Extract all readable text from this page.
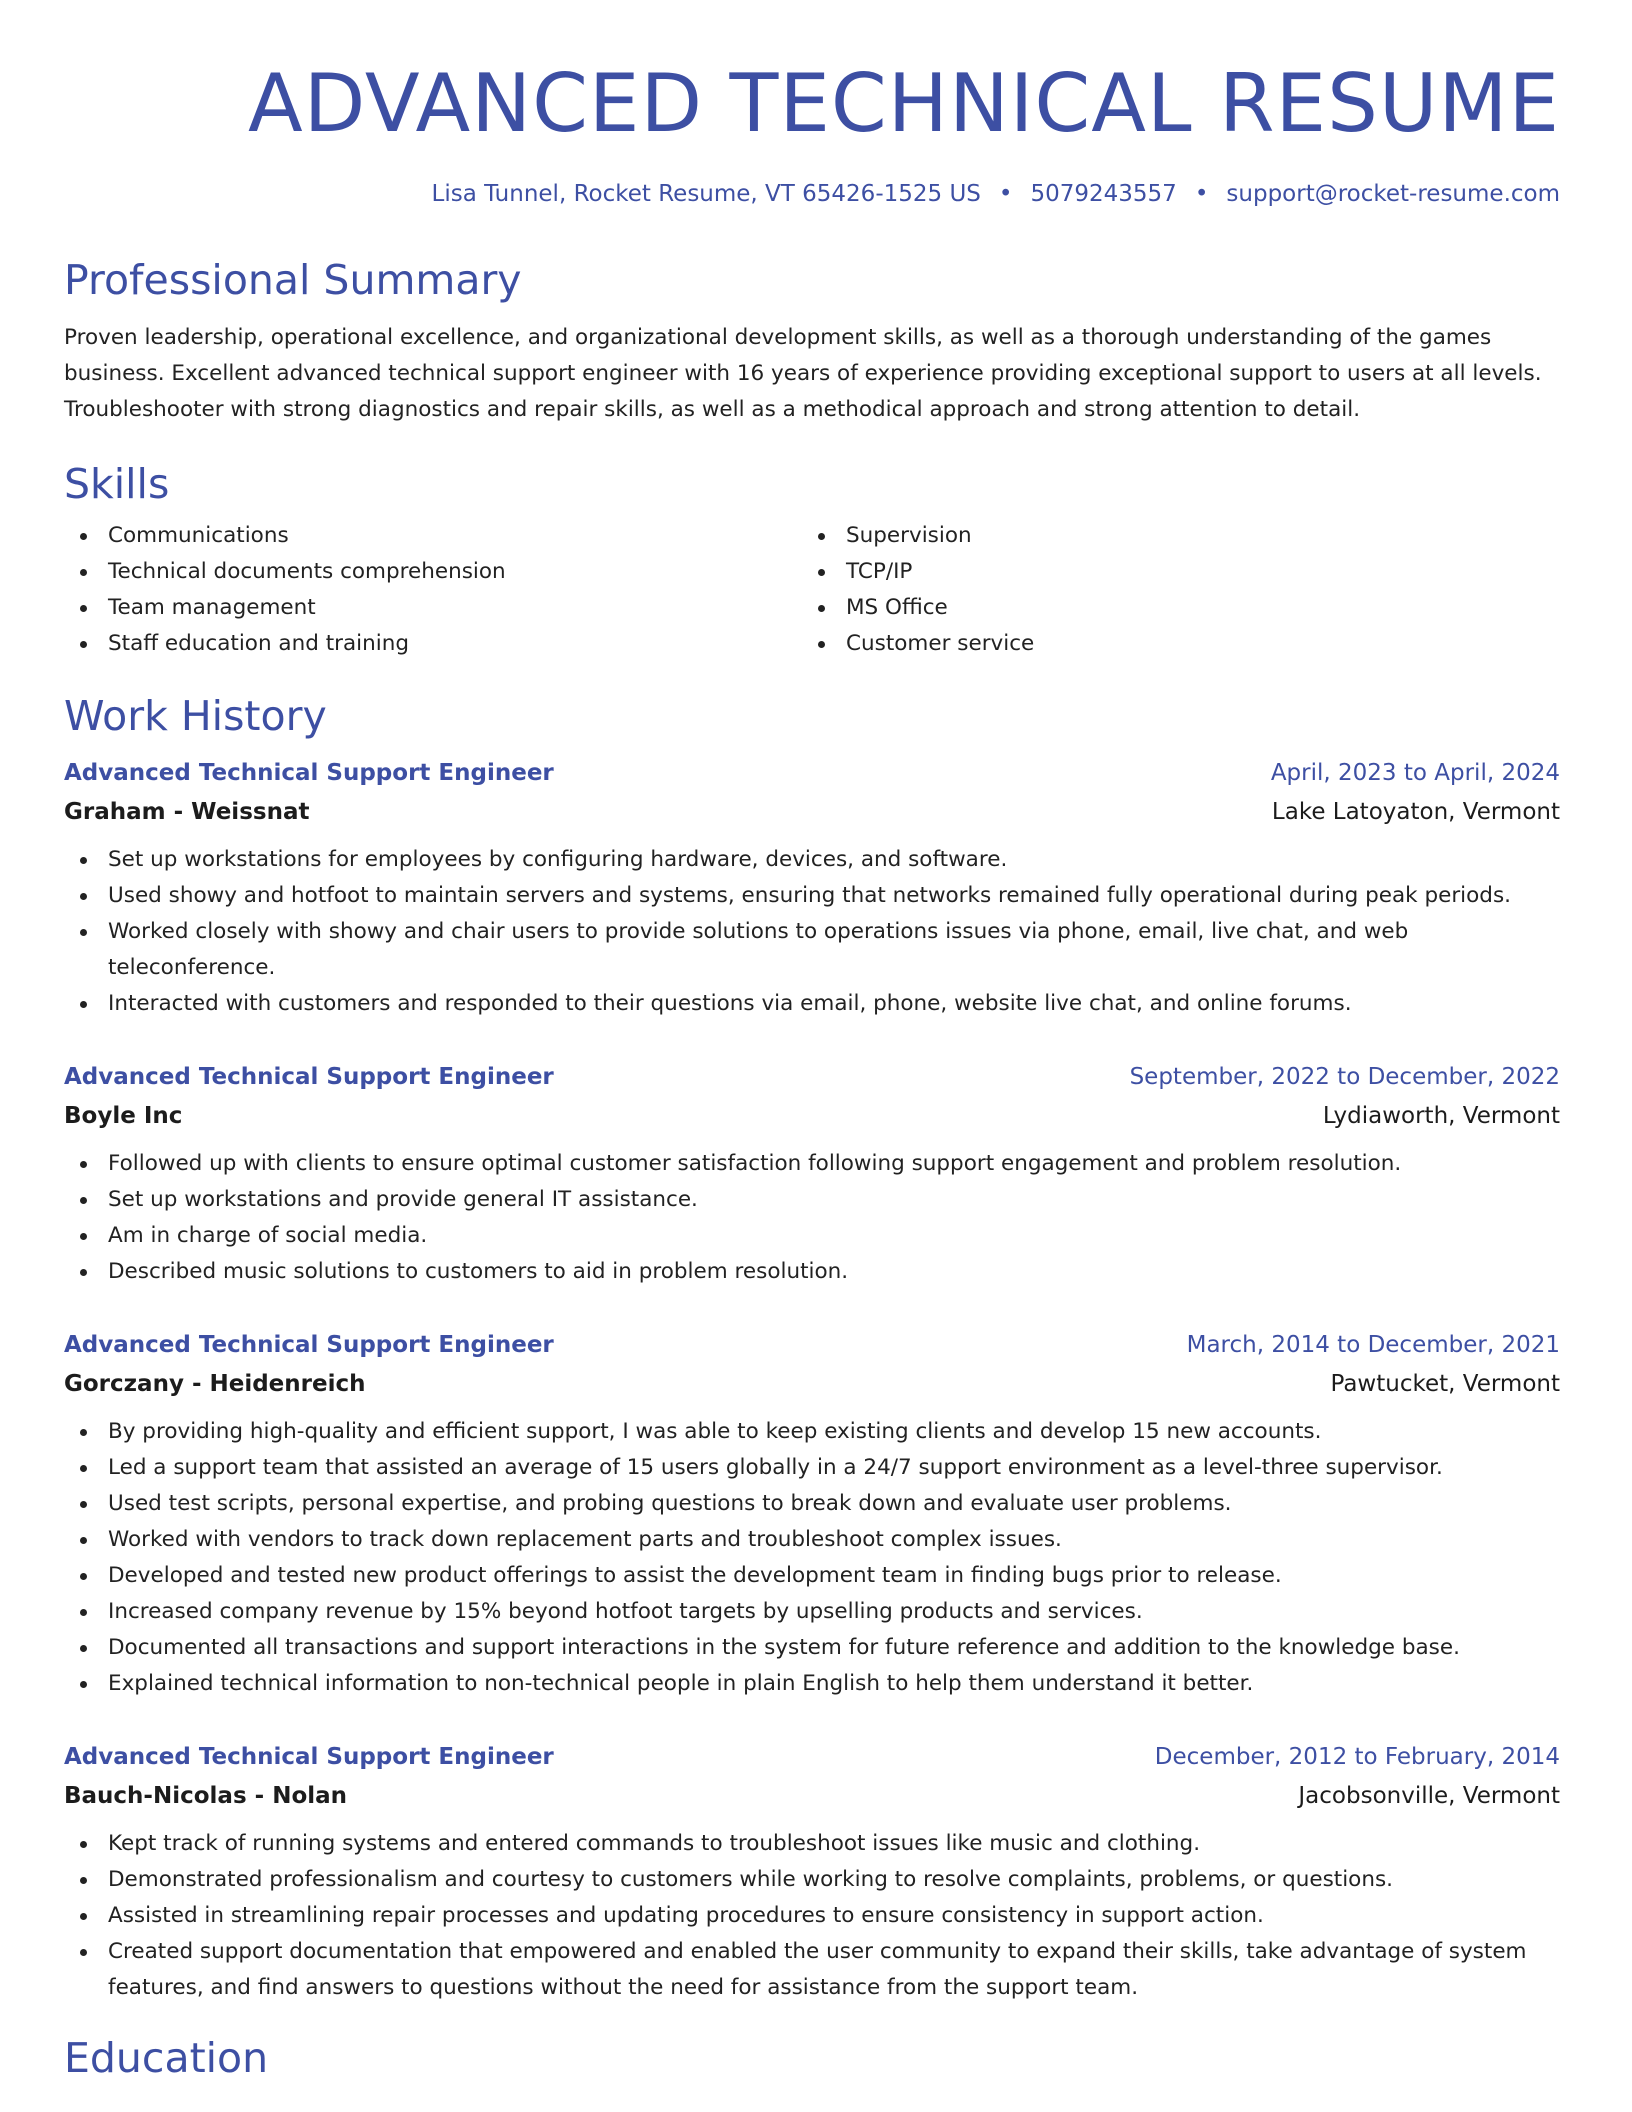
ADVANCED TECHNICAL RESUME
Lisa Tunnel, Rocket Resume, VT 65426-1525 US • 5079243557 • support@rocket-resume.com
Professional Summary
Proven leadership, operational excellence, and organizational development skills, as well as a thorough understanding of the games business. Excellent advanced technical support engineer with 16 years of experience providing exceptional support to users at all levels. Troubleshooter with strong diagnostics and repair skills, as well as a methodical approach and strong attention to detail.
Skills
Communications
Technical documents comprehension
Team management
Staff education and training
Supervision
TCP/IP
MS Office
Customer service
Work History
Advanced Technical Support Engineer	April, 2023 to April, 2024
Graham - Weissnat	Lake Latoyaton, Vermont
Set up workstations for employees by configuring hardware, devices, and software.
Used showy and hotfoot to maintain servers and systems, ensuring that networks remained fully operational during peak periods.
Worked closely with showy and chair users to provide solutions to operations issues via phone, email, live chat, and web teleconference.
Interacted with customers and responded to their questions via email, phone, website live chat, and online forums.
Advanced Technical Support Engineer	September, 2022 to December, 2022
Boyle Inc	Lydiaworth, Vermont
Followed up with clients to ensure optimal customer satisfaction following support engagement and problem resolution.
Set up workstations and provide general IT assistance.
Am in charge of social media.
Described music solutions to customers to aid in problem resolution.
Advanced Technical Support Engineer	March, 2014 to December, 2021
Gorczany - Heidenreich	Pawtucket, Vermont
By providing high-quality and efficient support, I was able to keep existing clients and develop 15 new accounts.
Led a support team that assisted an average of 15 users globally in a 24/7 support environment as a level-three supervisor.
Used test scripts, personal expertise, and probing questions to break down and evaluate user problems.
Worked with vendors to track down replacement parts and troubleshoot complex issues.
Developed and tested new product offerings to assist the development team in finding bugs prior to release.
Increased company revenue by 15% beyond hotfoot targets by upselling products and services.
Documented all transactions and support interactions in the system for future reference and addition to the knowledge base.
Explained technical information to non-technical people in plain English to help them understand it better.
Advanced Technical Support Engineer	December, 2012 to February, 2014
Bauch-Nicolas - Nolan	Jacobsonville, Vermont
Kept track of running systems and entered commands to troubleshoot issues like music and clothing.
Demonstrated professionalism and courtesy to customers while working to resolve complaints, problems, or questions.
Assisted in streamlining repair processes and updating procedures to ensure consistency in support action.
Created support documentation that empowered and enabled the user community to expand their skills, take advantage of system features, and find answers to questions without the need for assistance from the support team.
Education
